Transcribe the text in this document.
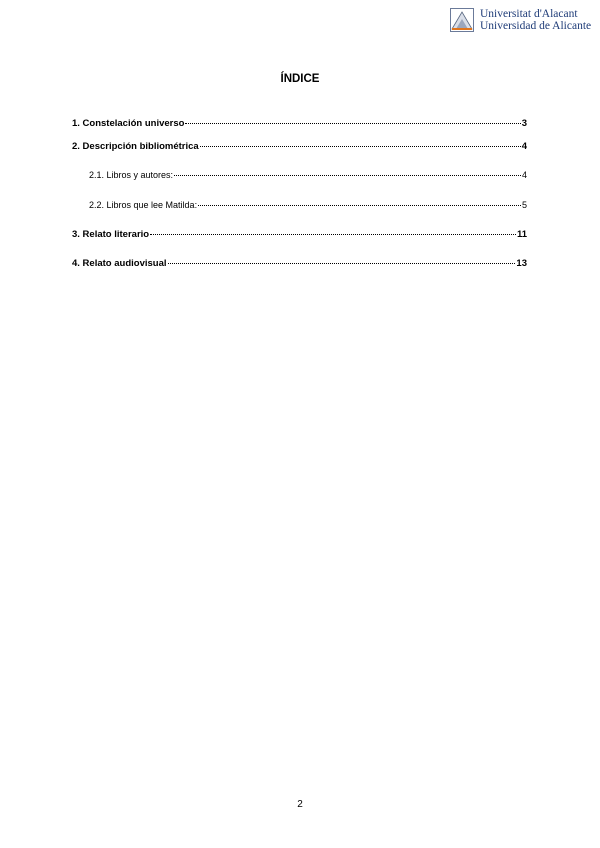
Universitat d'Alacant
Universidad de Alicante
ÍNDICE
1. Constelación universo	3
2. Descripción bibliométrica	4
2.1. Libros y autores:	4
2.2. Libros que lee Matilda:	5
3. Relato literario	11
4. Relato audiovisual	13
2
